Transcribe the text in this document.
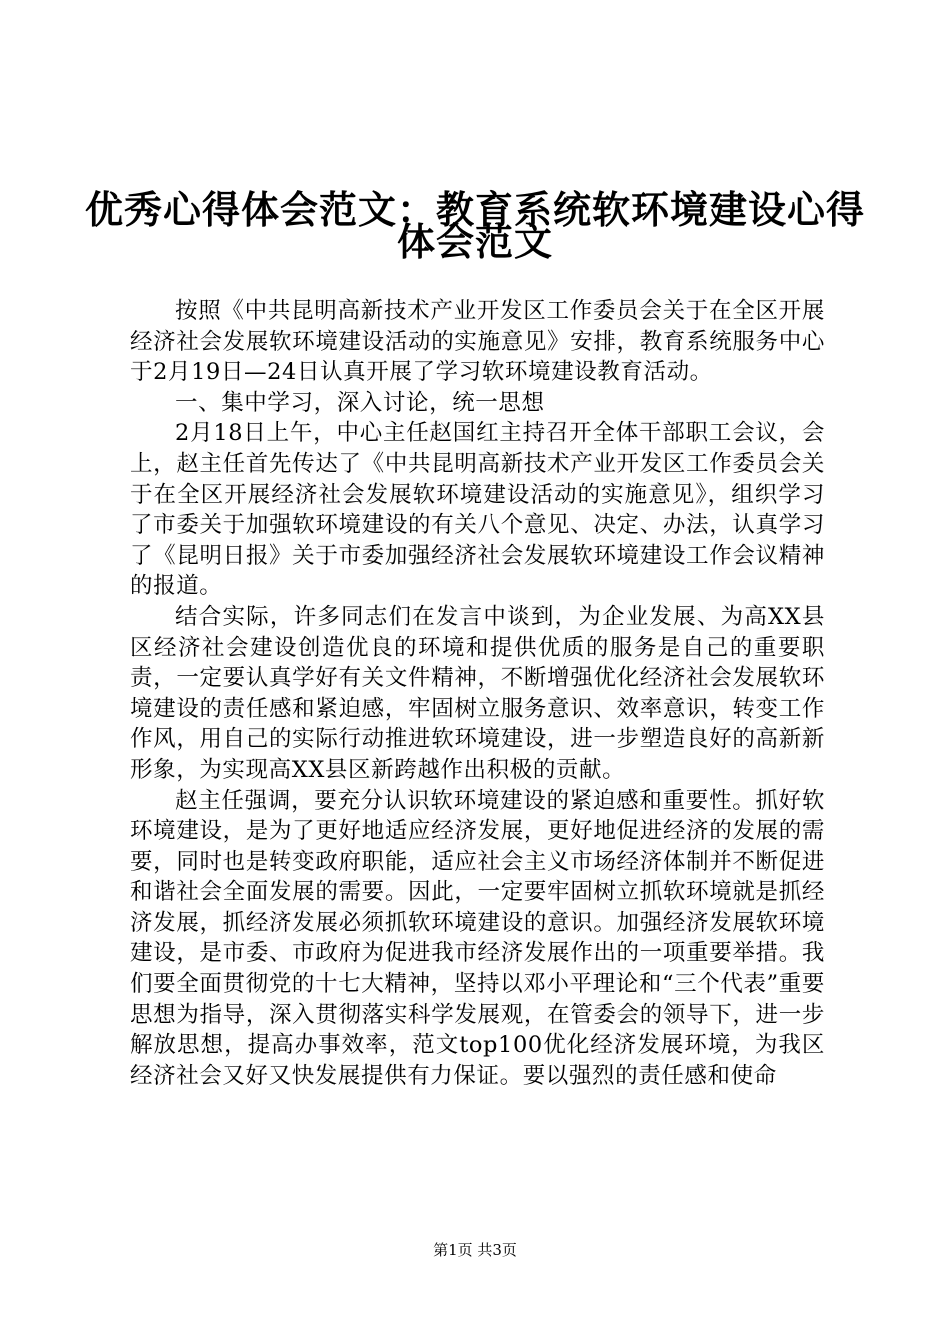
优秀心得体会范文：教育系统软环境建设心得
体会范文

按照《中共昆明高新技术产业开发区工作委员会关于在全区开展经济社会发展软环境建设活动的实施意见》安排，教育系统服务中心于2月19日—24日认真开展了学习软环境建设教育活动。

一、集中学习，深入讨论，统一思想

2月18日上午，中心主任赵国红主持召开全体干部职工会议，会上，赵主任首先传达了《中共昆明高新技术产业开发区工作委员会关于在全区开展经济社会发展软环境建设活动的实施意见》，组织学习了市委关于加强软环境建设的有关八个意见、决定、办法，认真学习了《昆明日报》关于市委加强经济社会发展软环境建设工作会议精神的报道。

结合实际，许多同志们在发言中谈到，为企业发展、为高XX县区经济社会建设创造优良的环境和提供优质的服务是自己的重要职责，一定要认真学好有关文件精神，不断增强优化经济社会发展软环境建设的责任感和紧迫感，牢固树立服务意识、效率意识，转变工作作风，用自己的实际行动推进软环境建设，进一步塑造良好的高新新形象，为实现高XX县区新跨越作出积极的贡献。

赵主任强调，要充分认识软环境建设的紧迫感和重要性。抓好软环境建设，是为了更好地适应经济发展，更好地促进经济的发展的需要，同时也是转变政府职能，适应社会主义市场经济体制并不断促进和谐社会全面发展的需要。因此，一定要牢固树立抓软环境就是抓经济发展，抓经济发展必须抓软环境建设的意识。加强经济发展软环境建设，是市委、市政府为促进我市经济发展作出的一项重要举措。我们要全面贯彻党的十七大精神，坚持以邓小平理论和“三个代表”重要思想为指导，深入贯彻落实科学发展观，在管委会的领导下，进一步解放思想，提高办事效率，范文top100优化经济发展环境，为我区经济社会又好又快发展提供有力保证。要以强烈的责任感和使命

第1页 共3页
